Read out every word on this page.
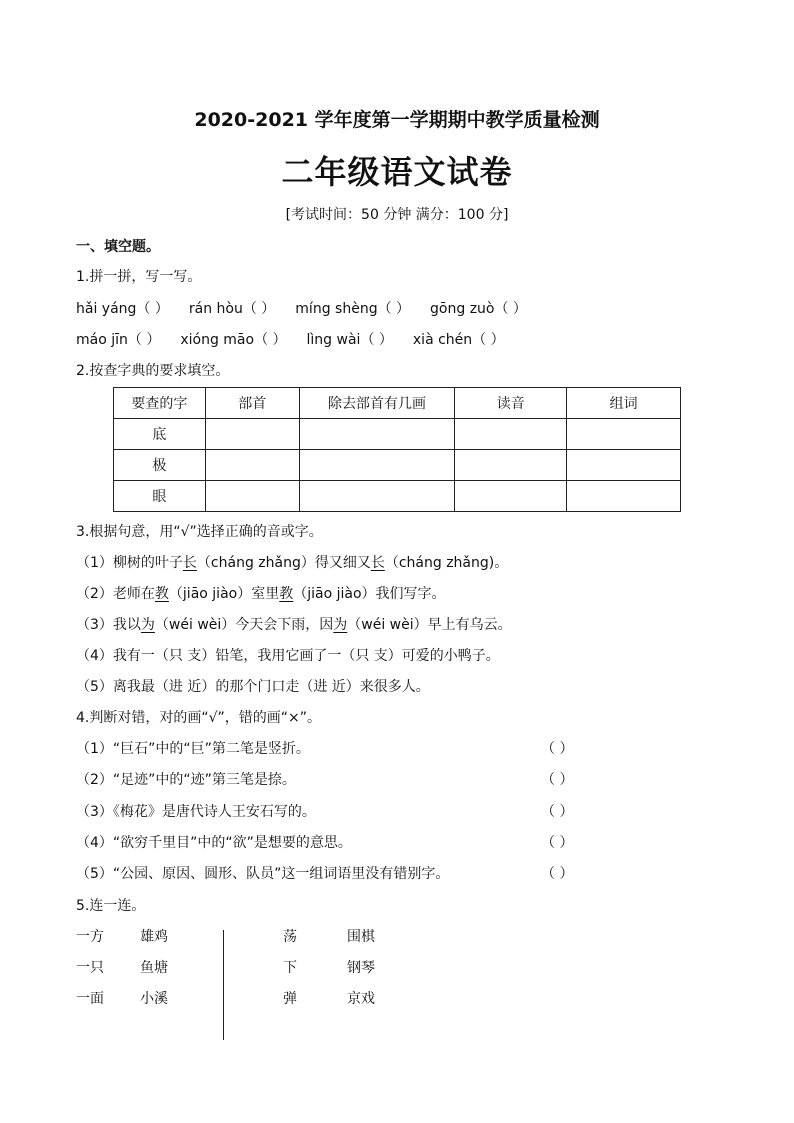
2020-2021 学年度第一学期期中教学质量检测
二年级语文试卷
[考试时间：50 分钟 满分：100 分]
一、填空题。
1.拼一拼，写一写。
hǎi yáng（ ） rán hòu（ ） míng shèng（ ） gōng zuò（ ）
máo jīn（ ） xióng māo（ ） lìng wài（ ） xià chén（ ）
2.按查字典的要求填空。
要查的字	部首	除去部首有几画	读音	组词
底				
极				
眼				
3.根据句意，用“√”选择正确的音或字。
（1）柳树的叶子长（cháng zhǎng）得又细又长（cháng zhǎng)。
（2）老师在教（jiāo jiào）室里教（jiāo jiào）我们写字。
（3）我以为（wéi wèi）今天会下雨，因为（wéi wèi）早上有乌云。
（4）我有一（只 支）铅笔，我用它画了一（只 支）可爱的小鸭子。
（5）离我最（进 近）的那个门口走（进 近）来很多人。
4.判断对错，对的画“√”，错的画“×”。
（1）“巨石”中的“巨”第二笔是竖折。	（ ）
（2）“足迹”中的“迹”第三笔是捺。	（ ）
（3）《梅花》是唐代诗人王安石写的。	（ ）
（4）“欲穷千里目”中的“欲”是想要的意思。	（ ）
（5）“公园、原因、圆形、队员”这一组词语里没有错别字。	（ ）
5.连一连。
一方	雄鸡	荡	围棋
一只	鱼塘	下	钢琴
一面	小溪	弹	京戏
